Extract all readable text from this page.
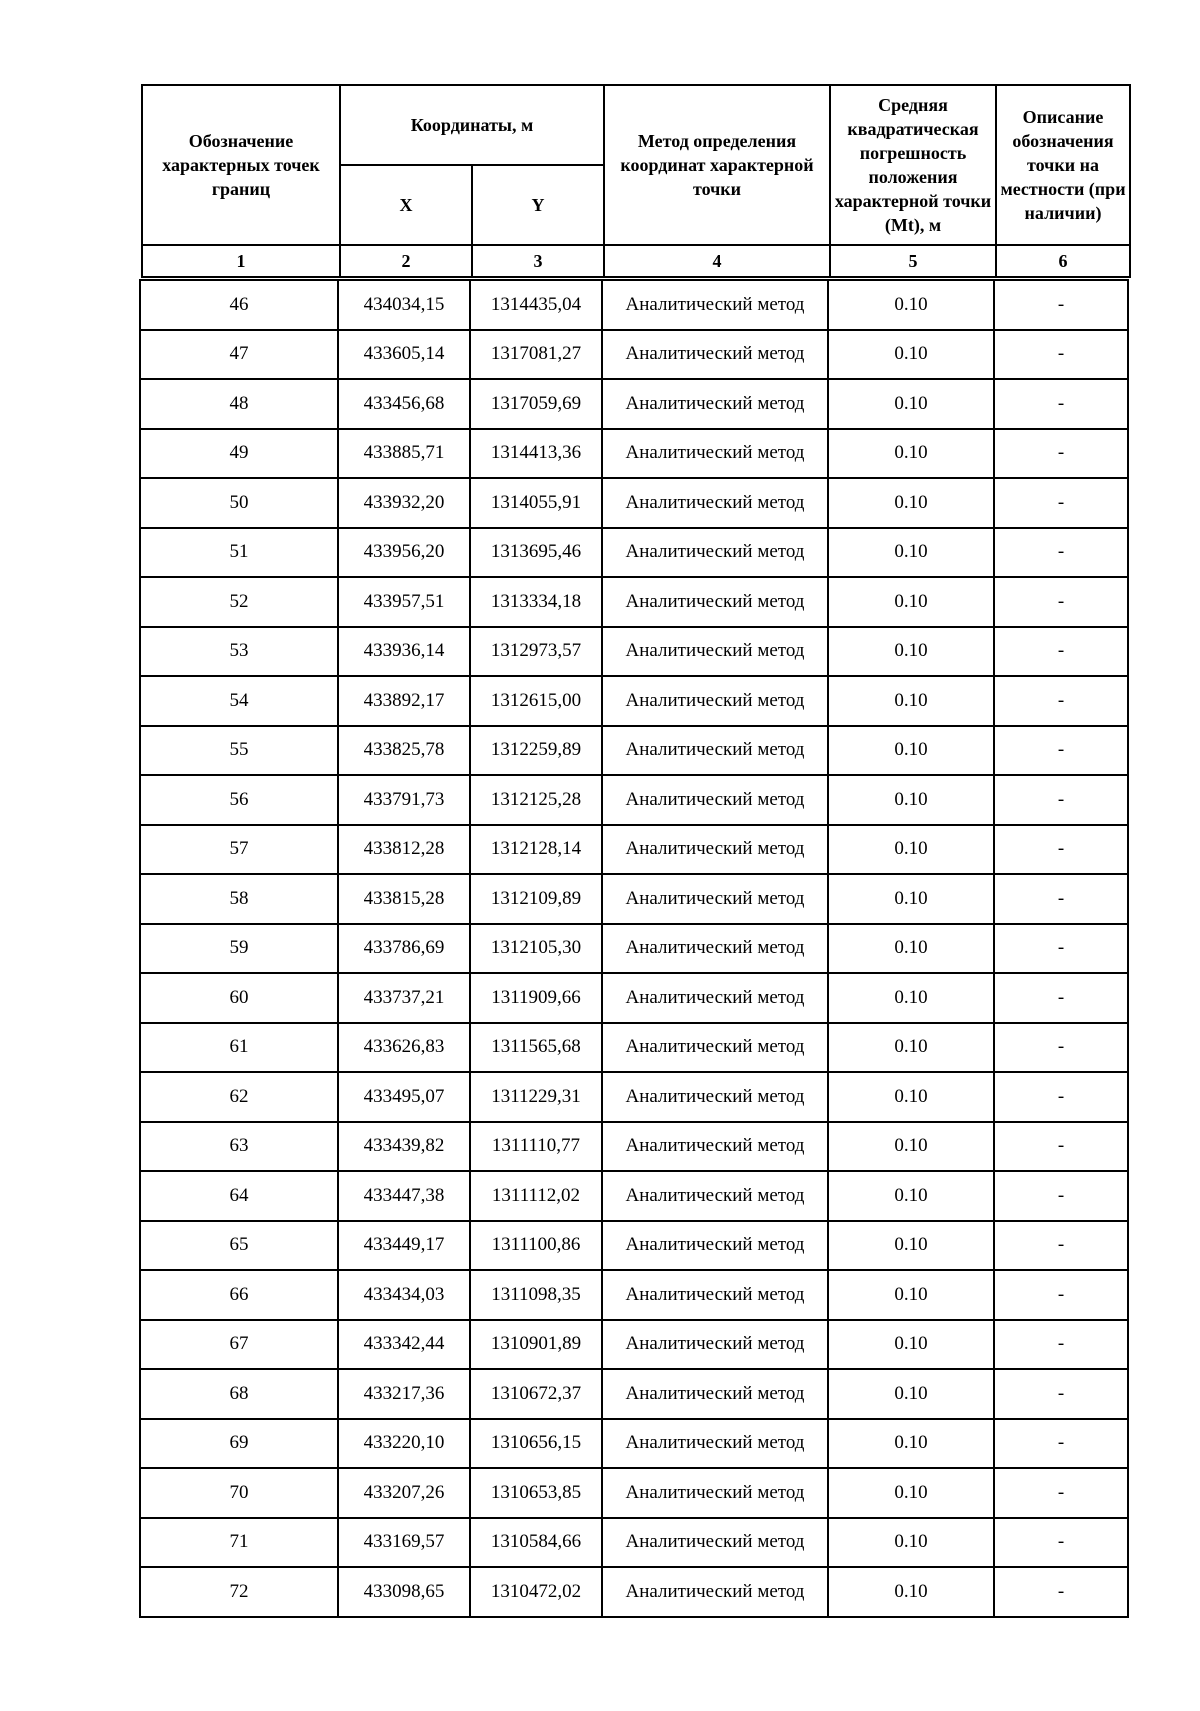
Обозначение характерных точек границ	Координаты, м		Метод определения координат характерной точки	Средняя квадратическая погрешность положения характерной точки (Mt), м	Описание обозначения точки на местности (при наличии)
	X	Y			
1	2	3	4	5	6
46	434034,15	1314435,04	Аналитический метод	0.10	-
47	433605,14	1317081,27	Аналитический метод	0.10	-
48	433456,68	1317059,69	Аналитический метод	0.10	-
49	433885,71	1314413,36	Аналитический метод	0.10	-
50	433932,20	1314055,91	Аналитический метод	0.10	-
51	433956,20	1313695,46	Аналитический метод	0.10	-
52	433957,51	1313334,18	Аналитический метод	0.10	-
53	433936,14	1312973,57	Аналитический метод	0.10	-
54	433892,17	1312615,00	Аналитический метод	0.10	-
55	433825,78	1312259,89	Аналитический метод	0.10	-
56	433791,73	1312125,28	Аналитический метод	0.10	-
57	433812,28	1312128,14	Аналитический метод	0.10	-
58	433815,28	1312109,89	Аналитический метод	0.10	-
59	433786,69	1312105,30	Аналитический метод	0.10	-
60	433737,21	1311909,66	Аналитический метод	0.10	-
61	433626,83	1311565,68	Аналитический метод	0.10	-
62	433495,07	1311229,31	Аналитический метод	0.10	-
63	433439,82	1311110,77	Аналитический метод	0.10	-
64	433447,38	1311112,02	Аналитический метод	0.10	-
65	433449,17	1311100,86	Аналитический метод	0.10	-
66	433434,03	1311098,35	Аналитический метод	0.10	-
67	433342,44	1310901,89	Аналитический метод	0.10	-
68	433217,36	1310672,37	Аналитический метод	0.10	-
69	433220,10	1310656,15	Аналитический метод	0.10	-
70	433207,26	1310653,85	Аналитический метод	0.10	-
71	433169,57	1310584,66	Аналитический метод	0.10	-
72	433098,65	1310472,02	Аналитический метод	0.10	-
